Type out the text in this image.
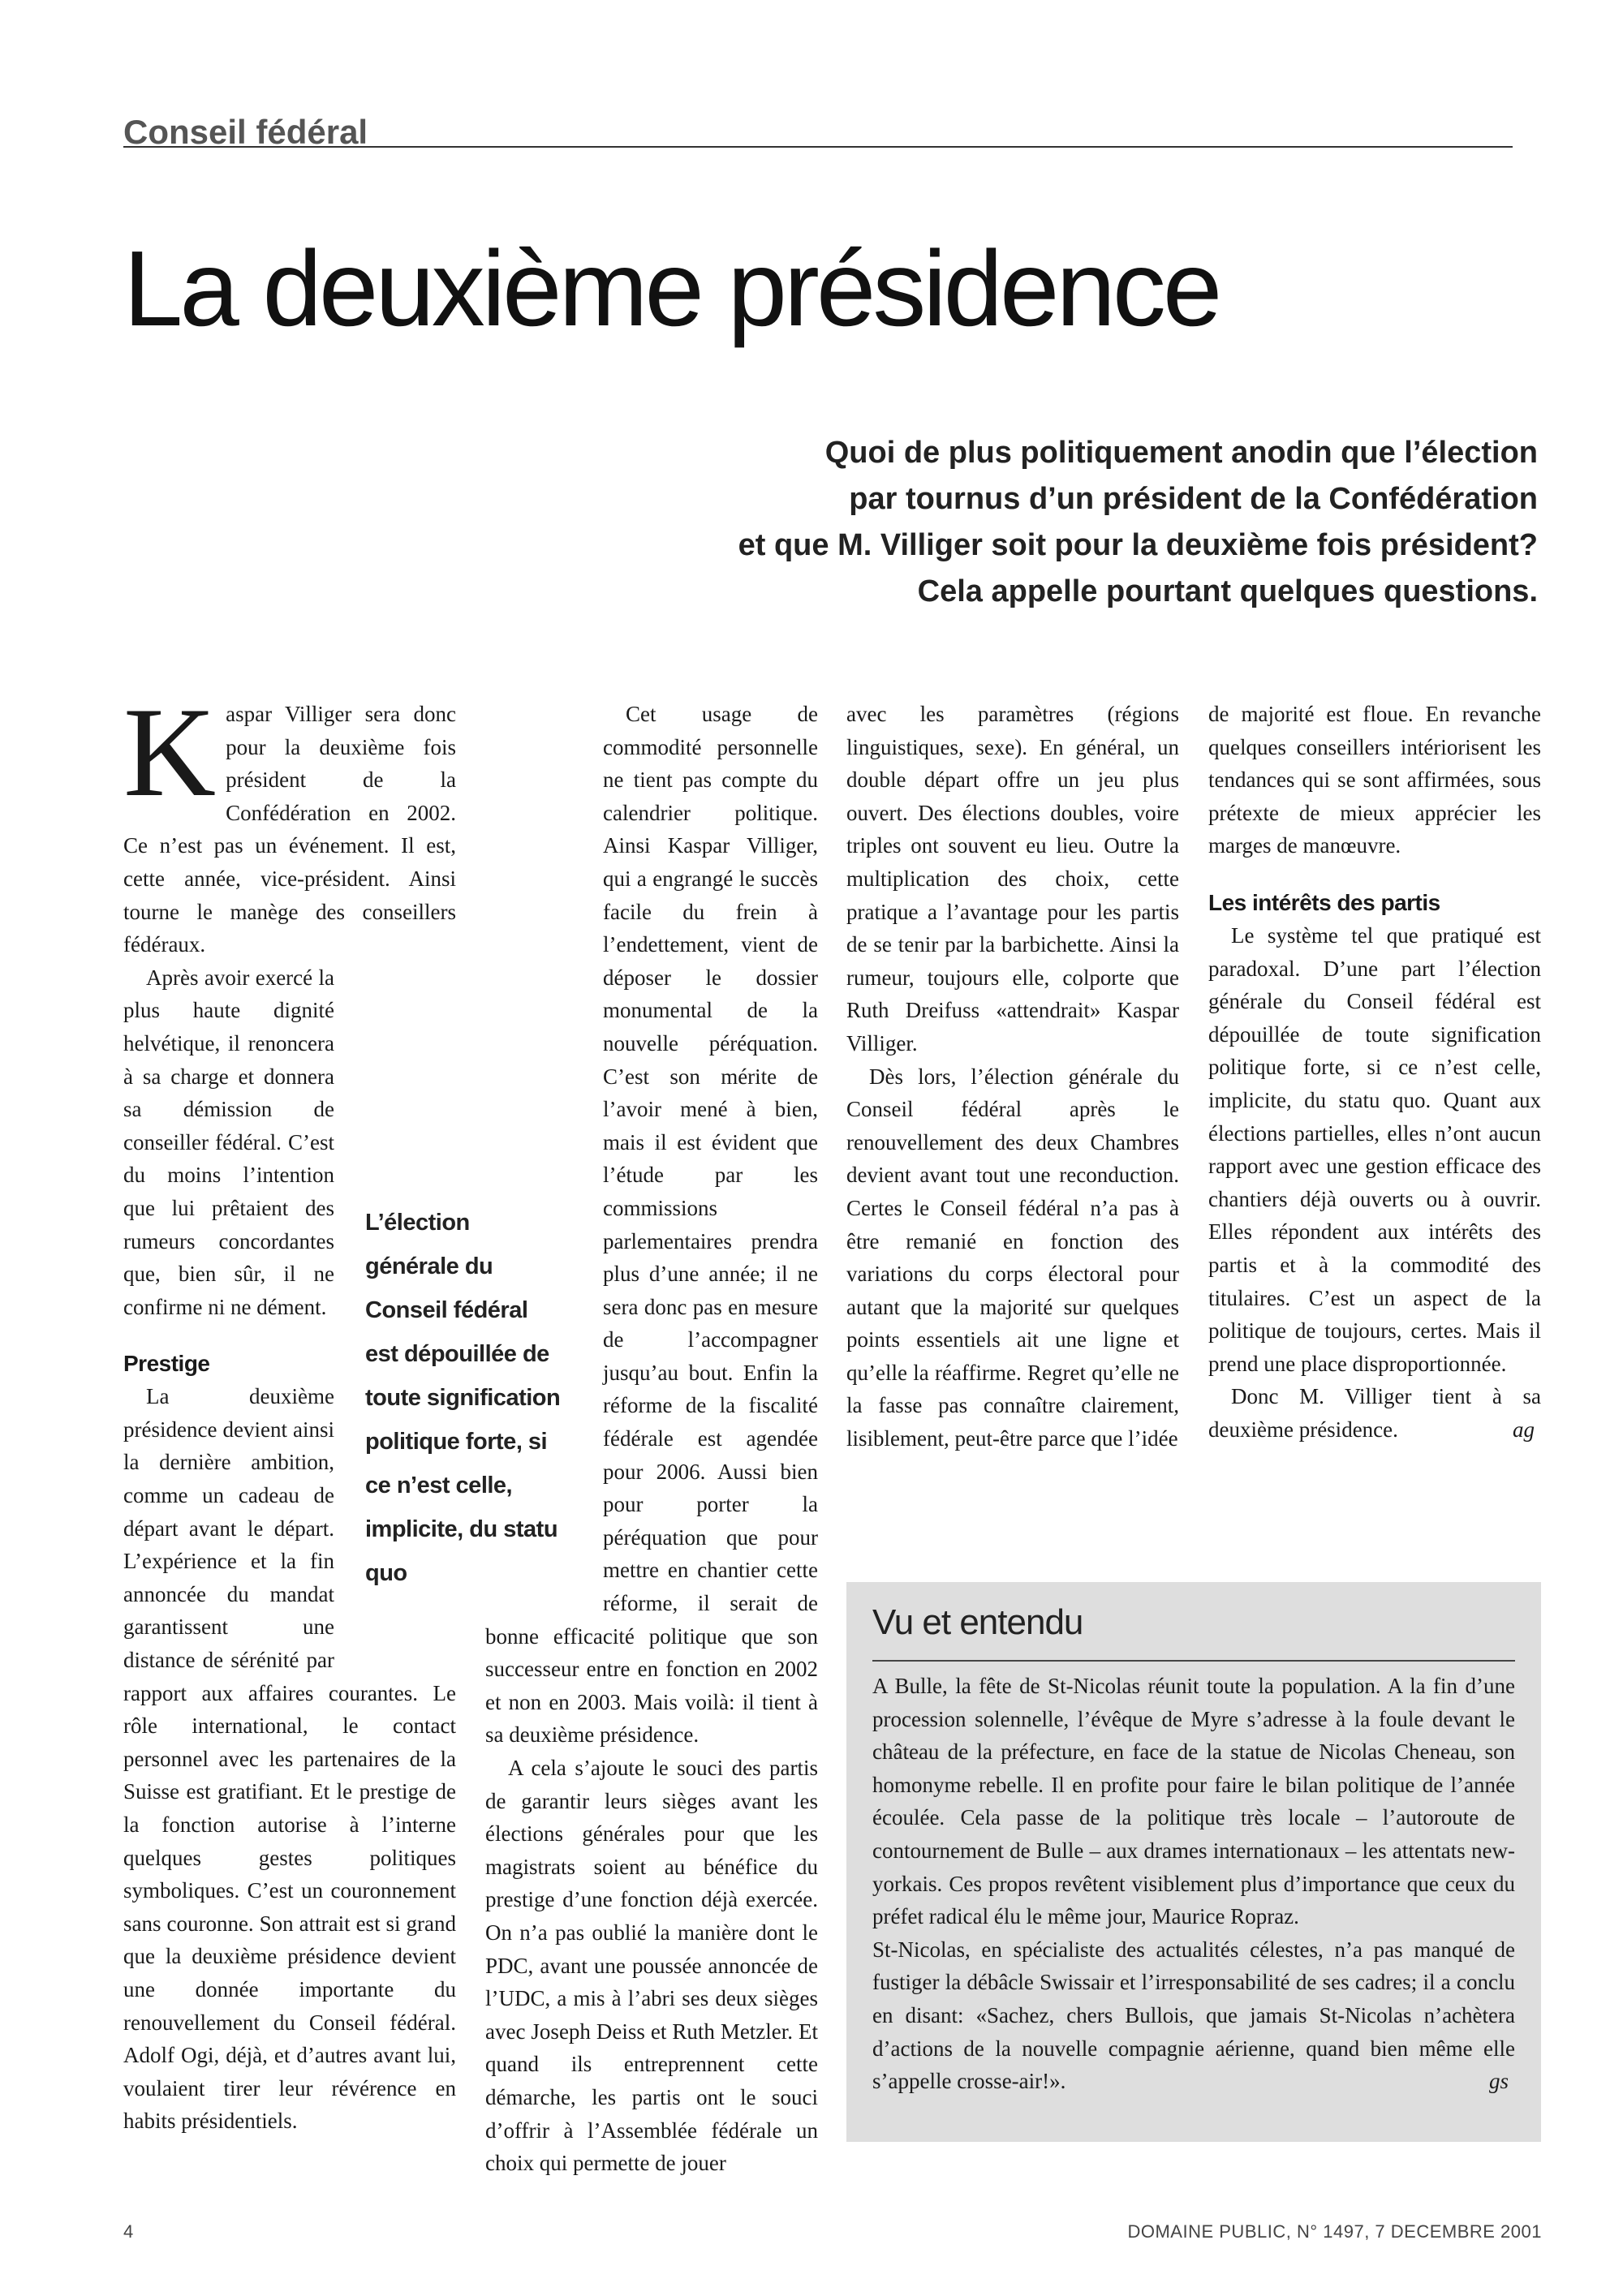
Conseil fédéral
La deuxième présidence
Quoi de plus politiquement anodin que l’élection
par tournus d’un président de la Confédération
et que M. Villiger soit pour la deuxième fois président?
Cela appelle pourtant quelques questions.

Kaspar Villiger sera donc pour la deuxième fois président de la Confédération en 2002. Ce n’est pas un événement. Il est, cette année, vice-président. Ainsi tourne le manège des conseillers fédéraux.

Après avoir exercé la plus haute dignité helvétique, il renoncera à sa charge et donnera sa démission de conseiller fédéral. C’est du moins l’intention que lui prêtaient des rumeurs concordantes que, bien sûr, il ne confirme ni ne dément.

Prestige

La deuxième présidence devient ainsi la dernière ambition, comme un cadeau de départ avant le départ. L’expérience et la fin annoncée du mandat garantissent une distance de sérénité par rapport aux affaires courantes. Le rôle international, le contact personnel avec les partenaires de la Suisse est gratifiant. Et le prestige de la fonction autorise à l’interne quelques gestes politiques symboliques. C’est un couronnement sans couronne. Son attrait est si grand que la deuxième présidence devient une donnée importante du renouvellement du Conseil fédéral. Adolf Ogi, déjà, et d’autres avant lui, voulaient tirer leur révérence en habits présidentiels.

Cet usage de commodité personnelle ne tient pas compte du calendrier politique. Ainsi Kaspar Villiger, qui a engrangé le succès facile du frein à l’endettement, vient de déposer le dossier monumental de la nouvelle péréquation. C’est son mérite de l’avoir mené à bien, mais il est évident que l’étude par les commissions parlementaires prendra plus d’une année; il ne sera donc pas en mesure de l’accompagner jusqu’au bout. Enfin la réforme de la fiscalité fédérale est agendée pour 2006. Aussi bien pour porter la péréquation que pour mettre en chantier cette réforme, il serait de bonne efficacité politique que son successeur entre en fonction en 2002 et non en 2003. Mais voilà: il tient à sa deuxième présidence.

A cela s’ajoute le souci des partis de garantir leurs sièges avant les élections générales pour que les magistrats soient au bénéfice du prestige d’une fonction déjà exercée. On n’a pas oublié la manière dont le PDC, avant une poussée annoncée de l’UDC, a mis à l’abri ses deux sièges avec Joseph Deiss et Ruth Metzler. Et quand ils entreprennent cette démarche, les partis ont le souci d’offrir à l’Assemblée fédérale un choix qui permette de jouer

L’élection générale du Conseil fédéral est dépouillée de toute signification politique forte, si ce n’est celle, implicite, du statu quo

avec les paramètres (régions linguistiques, sexe). En général, un double départ offre un jeu plus ouvert. Des élections doubles, voire triples ont souvent eu lieu. Outre la multiplication des choix, cette pratique a l’avantage pour les partis de se tenir par la barbichette. Ainsi la rumeur, toujours elle, colporte que Ruth Dreifuss «attendrait» Kaspar Villiger.

Dès lors, l’élection générale du Conseil fédéral après le renouvellement des deux Chambres devient avant tout une reconduction. Certes le Conseil fédéral n’a pas à être remanié en fonction des variations du corps électoral pour autant que la majorité sur quelques points essentiels ait une ligne et qu’elle la réaffirme. Regret qu’elle ne la fasse pas connaître clairement, lisiblement, peut-être parce que l’idée

de majorité est floue. En revanche quelques conseillers intériorisent les tendances qui se sont affirmées, sous prétexte de mieux apprécier les marges de manœuvre.

Les intérêts des partis

Le système tel que pratiqué est paradoxal. D’une part l’élection générale du Conseil fédéral est dépouillée de toute signification politique forte, si ce n’est celle, implicite, du statu quo. Quant aux élections partielles, elles n’ont aucun rapport avec une gestion efficace des chantiers déjà ouverts ou à ouvrir. Elles répondent aux intérêts des partis et à la commodité des titulaires. C’est un aspect de la politique de toujours, certes. Mais il prend une place disproportionnée.

Donc M. Villiger tient à sa deuxième présidence.	ag

Vu et entendu

A Bulle, la fête de St-Nicolas réunit toute la population. A la fin d’une procession solennelle, l’évêque de Myre s’adresse à la foule devant le château de la préfecture, en face de la statue de Nicolas Cheneau, son homonyme rebelle. Il en profite pour faire le bilan politique de l’année écoulée. Cela passe de la politique très locale – l’autoroute de contournement de Bulle – aux drames internationaux – les attentats new-yorkais. Ces propos revêtent visiblement plus d’importance que ceux du préfet radical élu le même jour, Maurice Ropraz.

St-Nicolas, en spécialiste des actualités célestes, n’a pas manqué de fustiger la débâcle Swissair et l’irresponsabilité de ses cadres; il a conclu en disant: «Sachez, chers Bullois, que jamais St-Nicolas n’achètera d’actions de la nouvelle compagnie aérienne, quand bien même elle s’appelle crosse-air!».	gs

4	DOMAINE PUBLIC, N° 1497, 7 DECEMBRE 2001
